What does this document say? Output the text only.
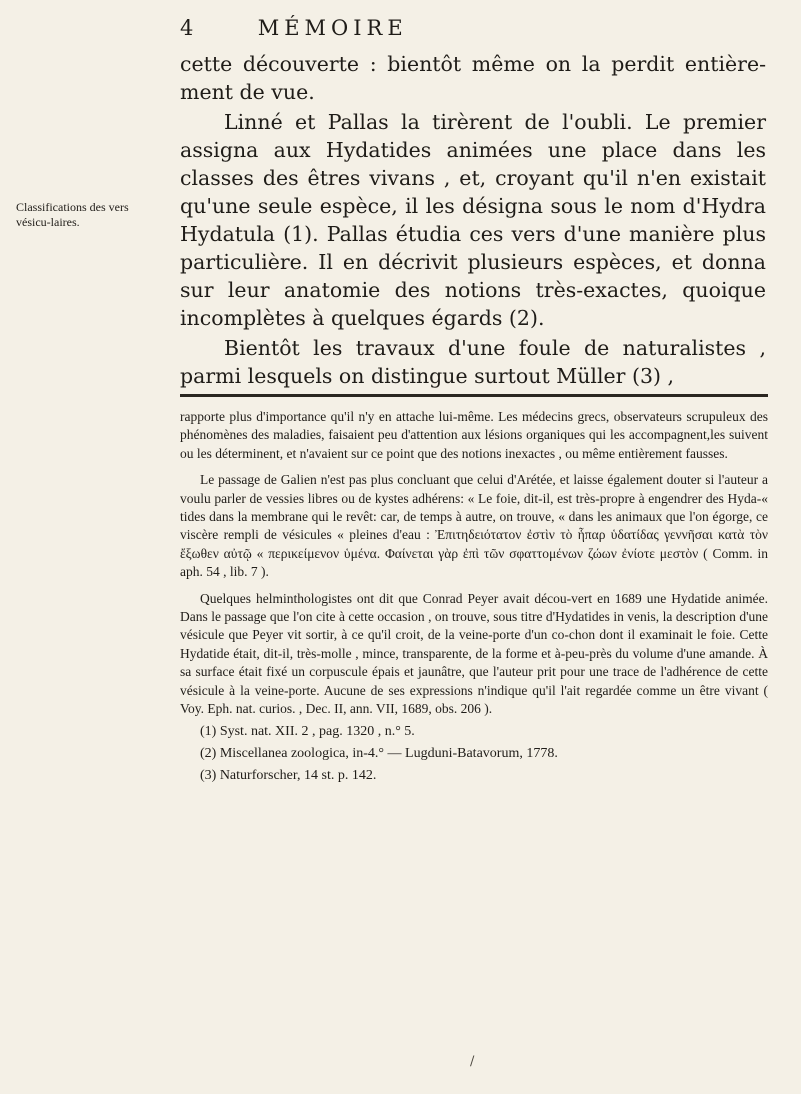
4	MÉMOIRE
Classifications des vers vésicu-laires.

cette découverte : bientôt même on la perdit entière-ment de vue.

Linné et Pallas la tirèrent de l'oubli. Le premier assigna aux Hydatides animées une place dans les classes des êtres vivans , et, croyant qu'il n'en existait qu'une seule espèce, il les désigna sous le nom d'Hydra Hydatula (1). Pallas étudia ces vers d'une manière plus particulière. Il en décrivit plusieurs espèces, et donna sur leur anatomie des notions très-exactes, quoique incomplètes à quelques égards (2).

Bientôt les travaux d'une foule de naturalistes , parmi lesquels on distingue surtout Müller (3) ,

rapporte plus d'importance qu'il n'y en attache lui-même. Les médecins grecs, observateurs scrupuleux des phénomènes des maladies, faisaient peu d'attention aux lésions organiques qui les accompagnent,les suivent ou les déterminent, et n'avaient sur ce point que des notions inexactes , ou même entièrement fausses.

Le passage de Galien n'est pas plus concluant que celui d'Arétée, et laisse également douter si l'auteur a voulu parler de vessies libres ou de kystes adhérens: « Le foie, dit-il, est très-propre à engendrer des Hyda-« tides dans la membrane qui le revêt: car, de temps à autre, on trouve, « dans les animaux que l'on égorge, ce viscère rempli de vésicules « pleines d'eau : Ἐπιτηδειότατον ἐστὶν τὸ ἧπαρ ὑδατίδας γεννῆσαι κατὰ τὸν ἔξωθεν αὐτῷ « περικείμενον ὑμένα. Φαίνεται γὰρ ἐπὶ τῶν σφαττομένων ζώων ἐνίοτε μεστὸν ( Comm. in aph. 54 , lib. 7 ).

Quelques helminthologistes ont dit que Conrad Peyer avait décou-vert en 1689 une Hydatide animée. Dans le passage que l'on cite à cette occasion , on trouve, sous titre d'Hydatides in venis, la description d'une vésicule que Peyer vit sortir, à ce qu'il croit, de la veine-porte d'un co-chon dont il examinait le foie. Cette Hydatide était, dit-il, très-molle , mince, transparente, de la forme et à-peu-près du volume d'une amande. À sa surface était fixé un corpuscule épais et jaunâtre, que l'auteur prit pour une trace de l'adhérence de cette vésicule à la veine-porte. Aucune de ses expressions n'indique qu'il l'ait regardée comme un être vivant ( Voy. Eph. nat. curios. , Dec. II, ann. VII, 1689, obs. 206 ).

(1) Syst. nat. XII. 2 , pag. 1320 , n.° 5.

(2) Miscellanea zoologica, in-4.° — Lugduni-Batavorum, 1778.

(3) Naturforscher, 14 st. p. 142.

/
